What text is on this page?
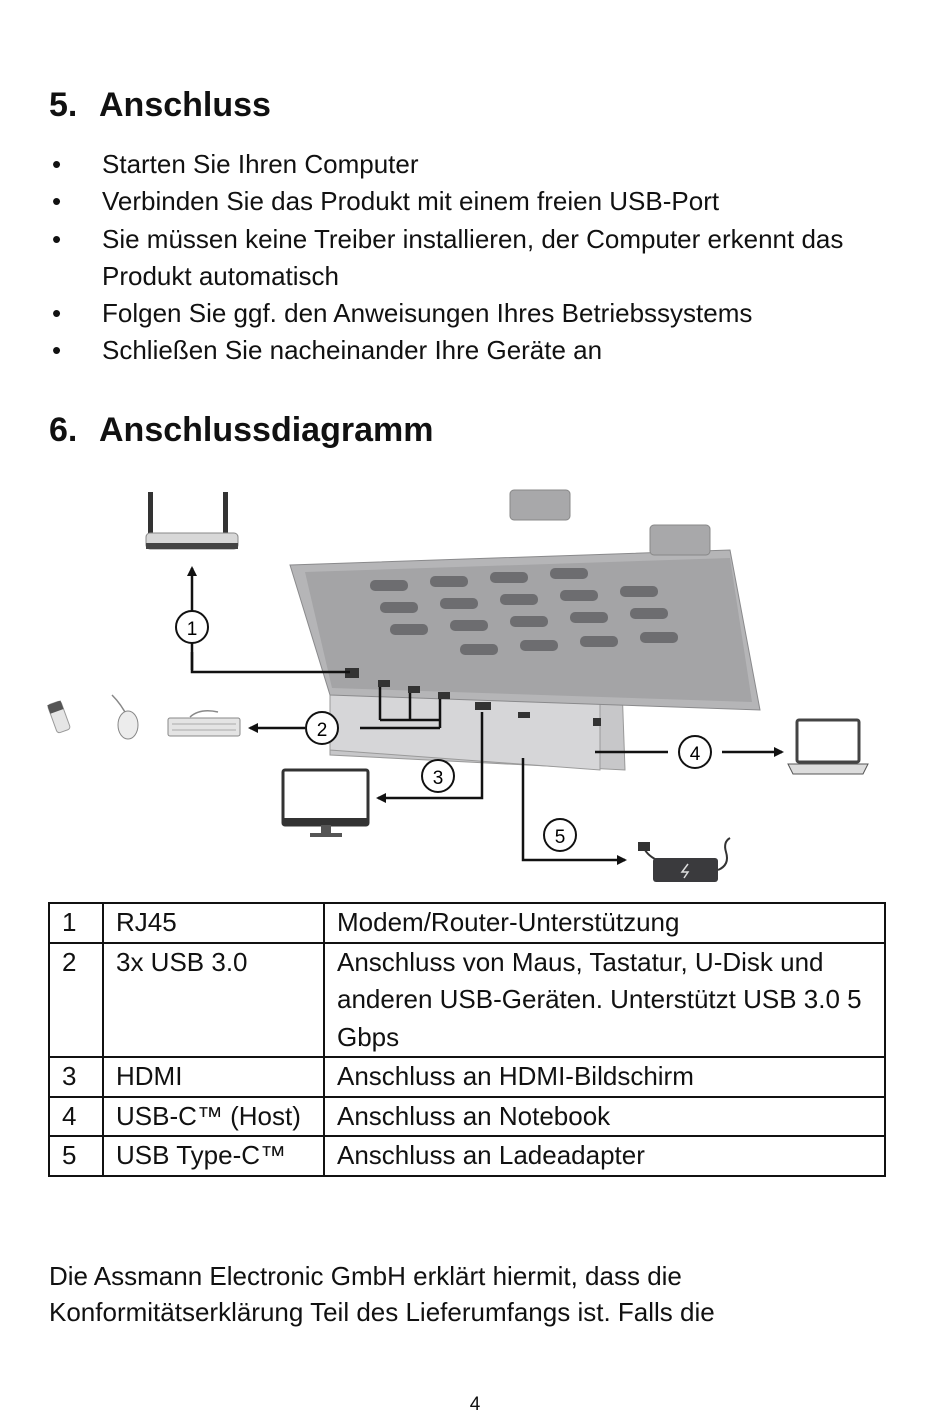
5. Anschluss
• Starten Sie Ihren Computer
• Verbinden Sie das Produkt mit einem freien USB-Port
• Sie müssen keine Treiber installieren, der Computer erkennt das Produkt automatisch
• Folgen Sie ggf. den Anweisungen Ihres Betriebssystems
• Schließen Sie nacheinander Ihre Geräte an
6. Anschlussdiagramm
1
2
3
4
5
1	RJ45	Modem/Router-Unterstützung
2	3x USB 3.0	Anschluss von Maus, Tastatur, U-Disk und anderen USB-Geräten. Unterstützt USB 3.0 5 Gbps
3	HDMI	Anschluss an HDMI-Bildschirm
4	USB-C™ (Host)	Anschluss an Notebook
5	USB Type-C™	Anschluss an Ladeadapter

Die Assmann Electronic GmbH erklärt hiermit, dass die Konformitätserklärung Teil des Lieferumfangs ist. Falls die

4
